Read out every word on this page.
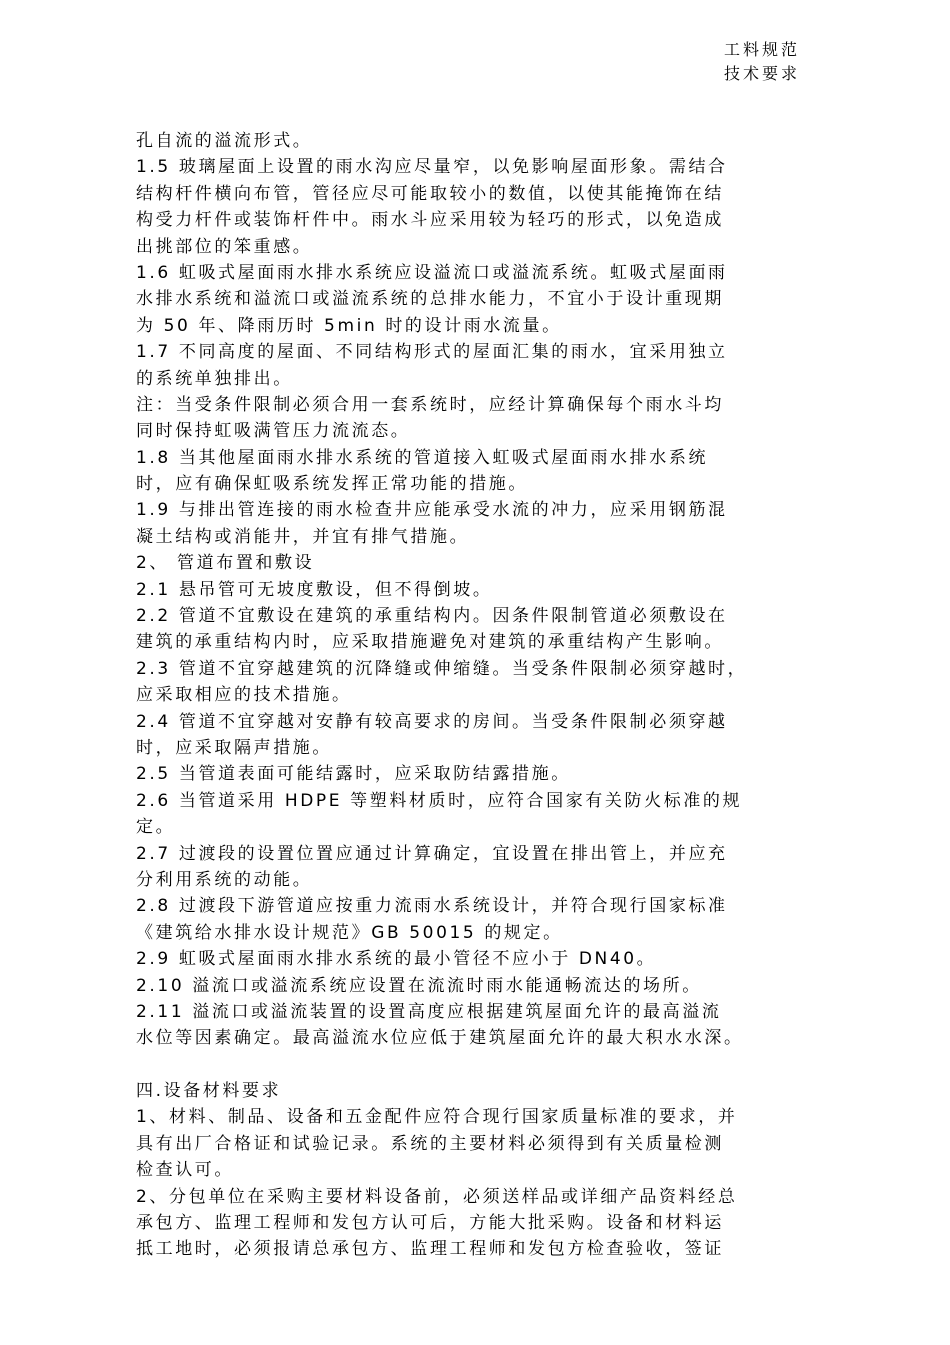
工料规范
技术要求
孔自流的溢流形式。
1.5 玻璃屋面上设置的雨水沟应尽量窄，以免影响屋面形象。需结合
结构杆件横向布管，管径应尽可能取较小的数值，以使其能掩饰在结
构受力杆件或装饰杆件中。雨水斗应采用较为轻巧的形式，以免造成
出挑部位的笨重感。
1.6 虹吸式屋面雨水排水系统应设溢流口或溢流系统。虹吸式屋面雨
水排水系统和溢流口或溢流系统的总排水能力，不宜小于设计重现期
为 50 年、降雨历时 5min 时的设计雨水流量。
1.7 不同高度的屋面、不同结构形式的屋面汇集的雨水，宜采用独立
的系统单独排出。
注：当受条件限制必须合用一套系统时，应经计算确保每个雨水斗均
同时保持虹吸满管压力流流态。
1.8 当其他屋面雨水排水系统的管道接入虹吸式屋面雨水排水系统
时，应有确保虹吸系统发挥正常功能的措施。
1.9 与排出管连接的雨水检查井应能承受水流的冲力，应采用钢筋混
凝土结构或消能井，并宜有排气措施。
2、 管道布置和敷设
2.1 悬吊管可无坡度敷设，但不得倒坡。
2.2 管道不宜敷设在建筑的承重结构内。因条件限制管道必须敷设在
建筑的承重结构内时，应采取措施避免对建筑的承重结构产生影响。
2.3 管道不宜穿越建筑的沉降缝或伸缩缝。当受条件限制必须穿越时，
应采取相应的技术措施。
2.4 管道不宜穿越对安静有较高要求的房间。当受条件限制必须穿越
时，应采取隔声措施。
2.5 当管道表面可能结露时，应采取防结露措施。
2.6 当管道采用 HDPE 等塑料材质时，应符合国家有关防火标准的规
定。
2.7 过渡段的设置位置应通过计算确定，宜设置在排出管上，并应充
分利用系统的动能。
2.8 过渡段下游管道应按重力流雨水系统设计，并符合现行国家标准
《建筑给水排水设计规范》GB 50015 的规定。
2.9 虹吸式屋面雨水排水系统的最小管径不应小于 DN40。
2.10 溢流口或溢流系统应设置在流流时雨水能通畅流达的场所。
2.11 溢流口或溢流装置的设置高度应根据建筑屋面允许的最高溢流
水位等因素确定。最高溢流水位应低于建筑屋面允许的最大积水水深。
四.设备材料要求
1、材料、制品、设备和五金配件应符合现行国家质量标准的要求，并
具有出厂合格证和试验记录。系统的主要材料必须得到有关质量检测
检查认可。
2、分包单位在采购主要材料设备前，必须送样品或详细产品资料经总
承包方、监理工程师和发包方认可后，方能大批采购。设备和材料运
抵工地时，必须报请总承包方、监理工程师和发包方检查验收，签证
